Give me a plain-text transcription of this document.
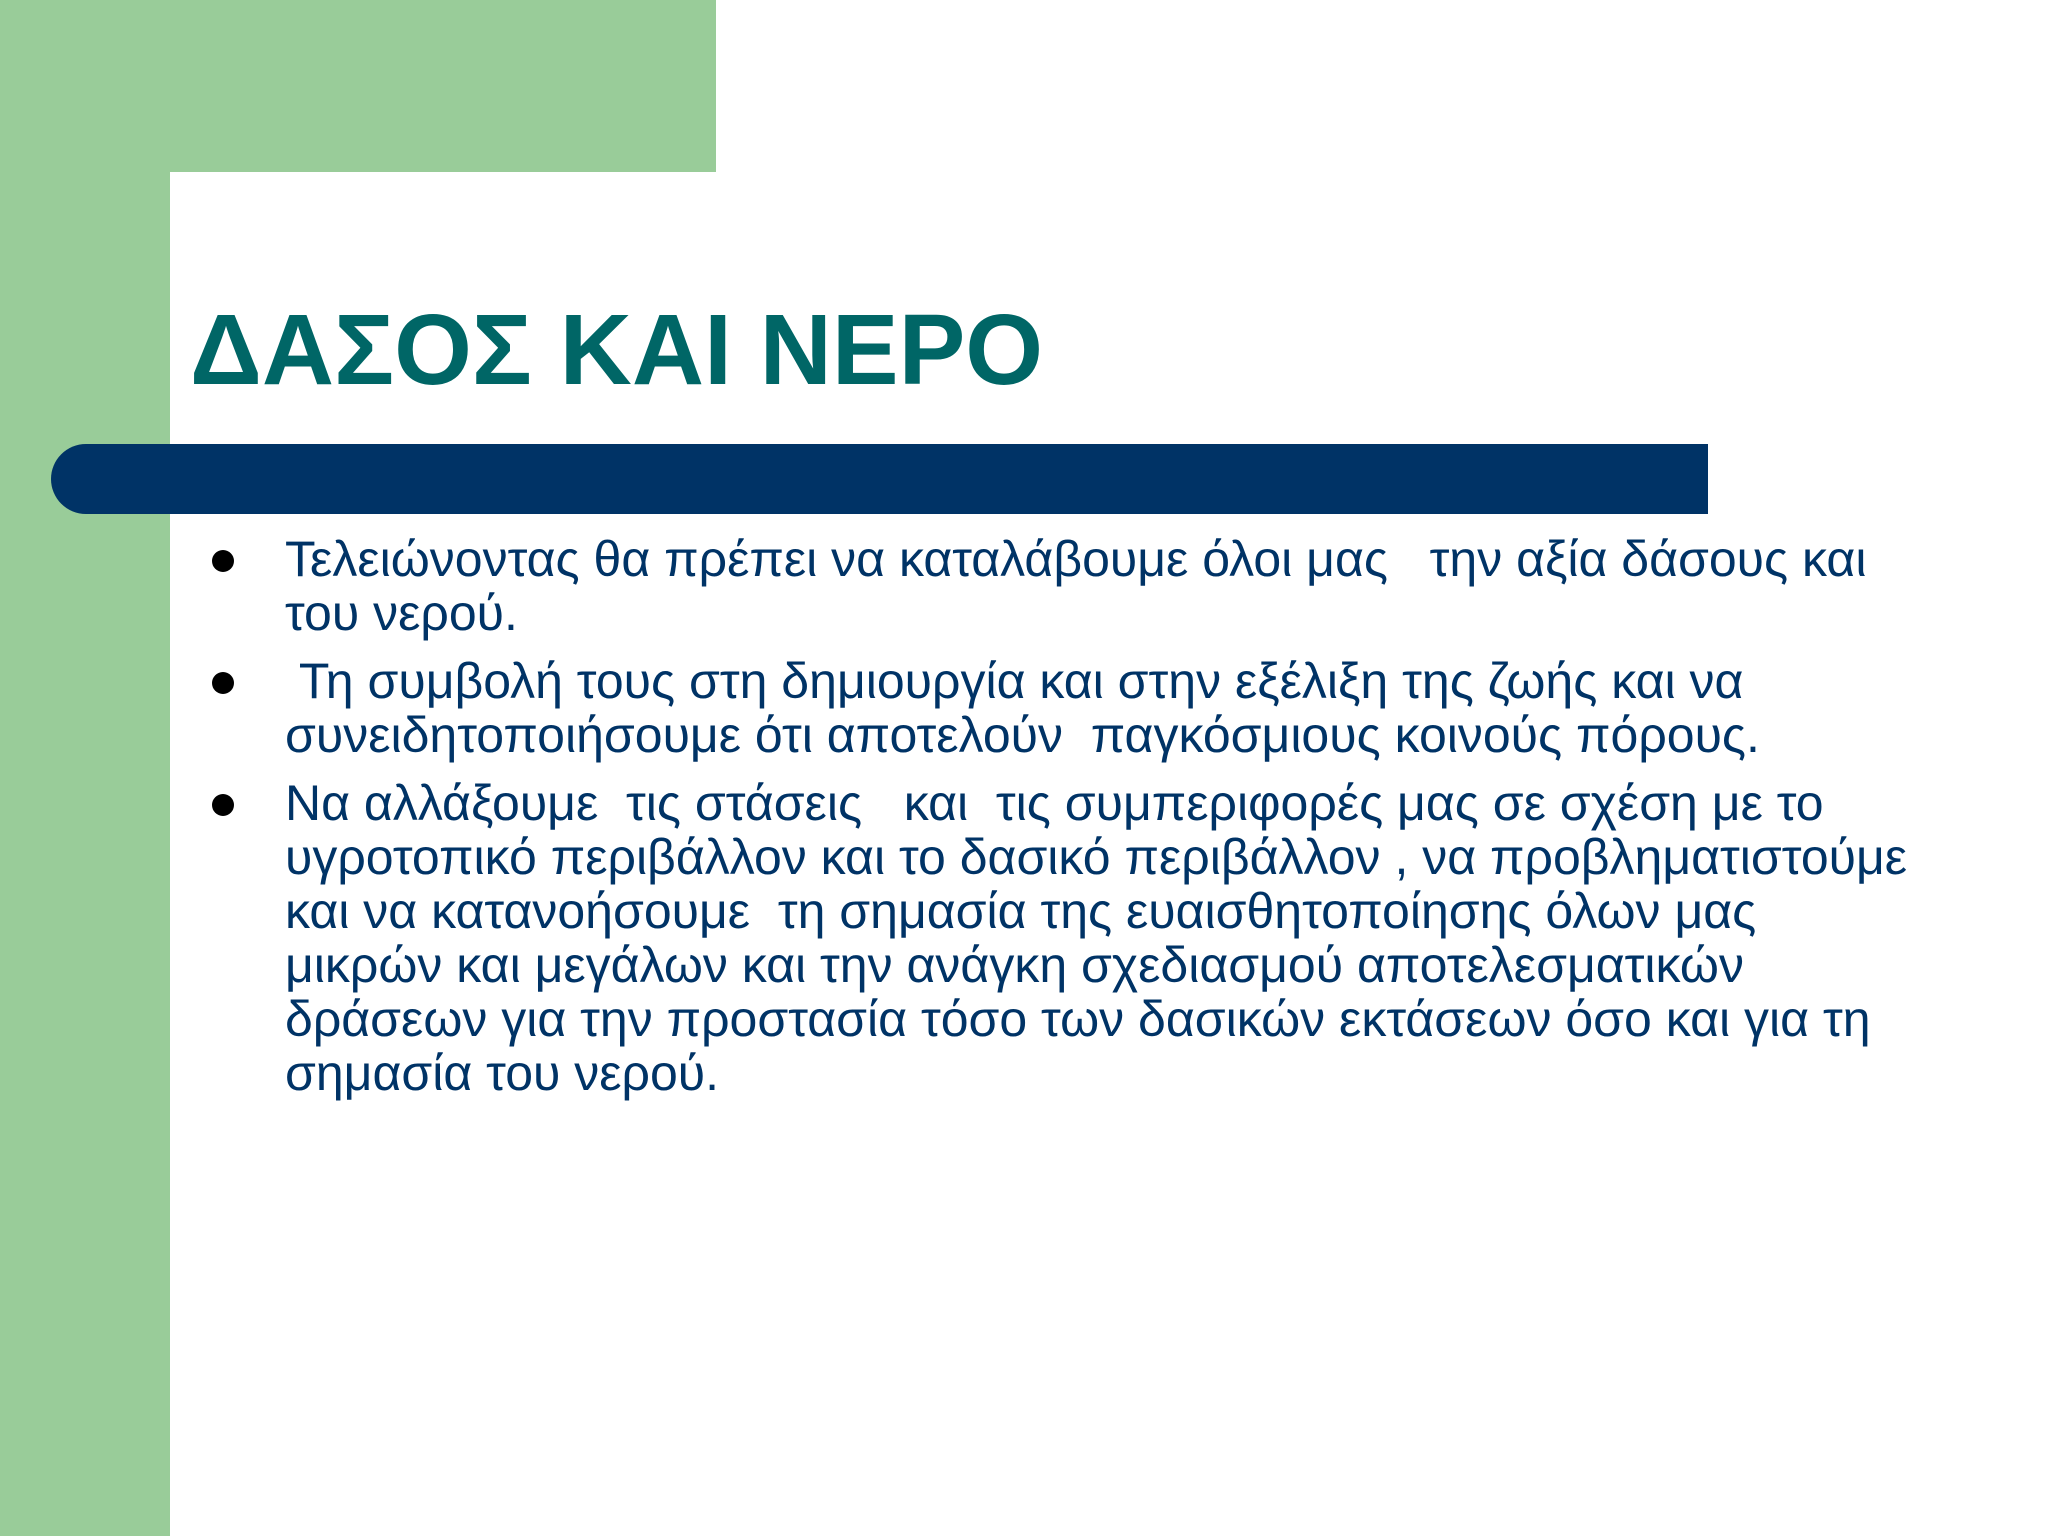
ΔΑΣΟΣ ΚΑΙ ΝΕΡΟ
Τελειώνοντας θα πρέπει να καταλάβουμε όλοι μας   την αξία δάσους και του νερού.
Τη συμβολή τους στη δημιουργία και στην εξέλιξη της ζωής και να συνειδητοποιήσουμε ότι αποτελούν  παγκόσμιους κοινούς πόρους.
Να αλλάξουμε  τις στάσεις   και  τις συμπεριφορές μας σε σχέση με το υγροτοπικό περιβάλλον και το δασικό περιβάλλον , να προβληματιστούμε και να κατανοήσουμε  τη σημασία της ευαισθητοποίησης όλων μας μικρών και μεγάλων και την ανάγκη σχεδιασμού αποτελεσματικών δράσεων για την προστασία τόσο των δασικών εκτάσεων όσο και για τη σημασία του νερού.
